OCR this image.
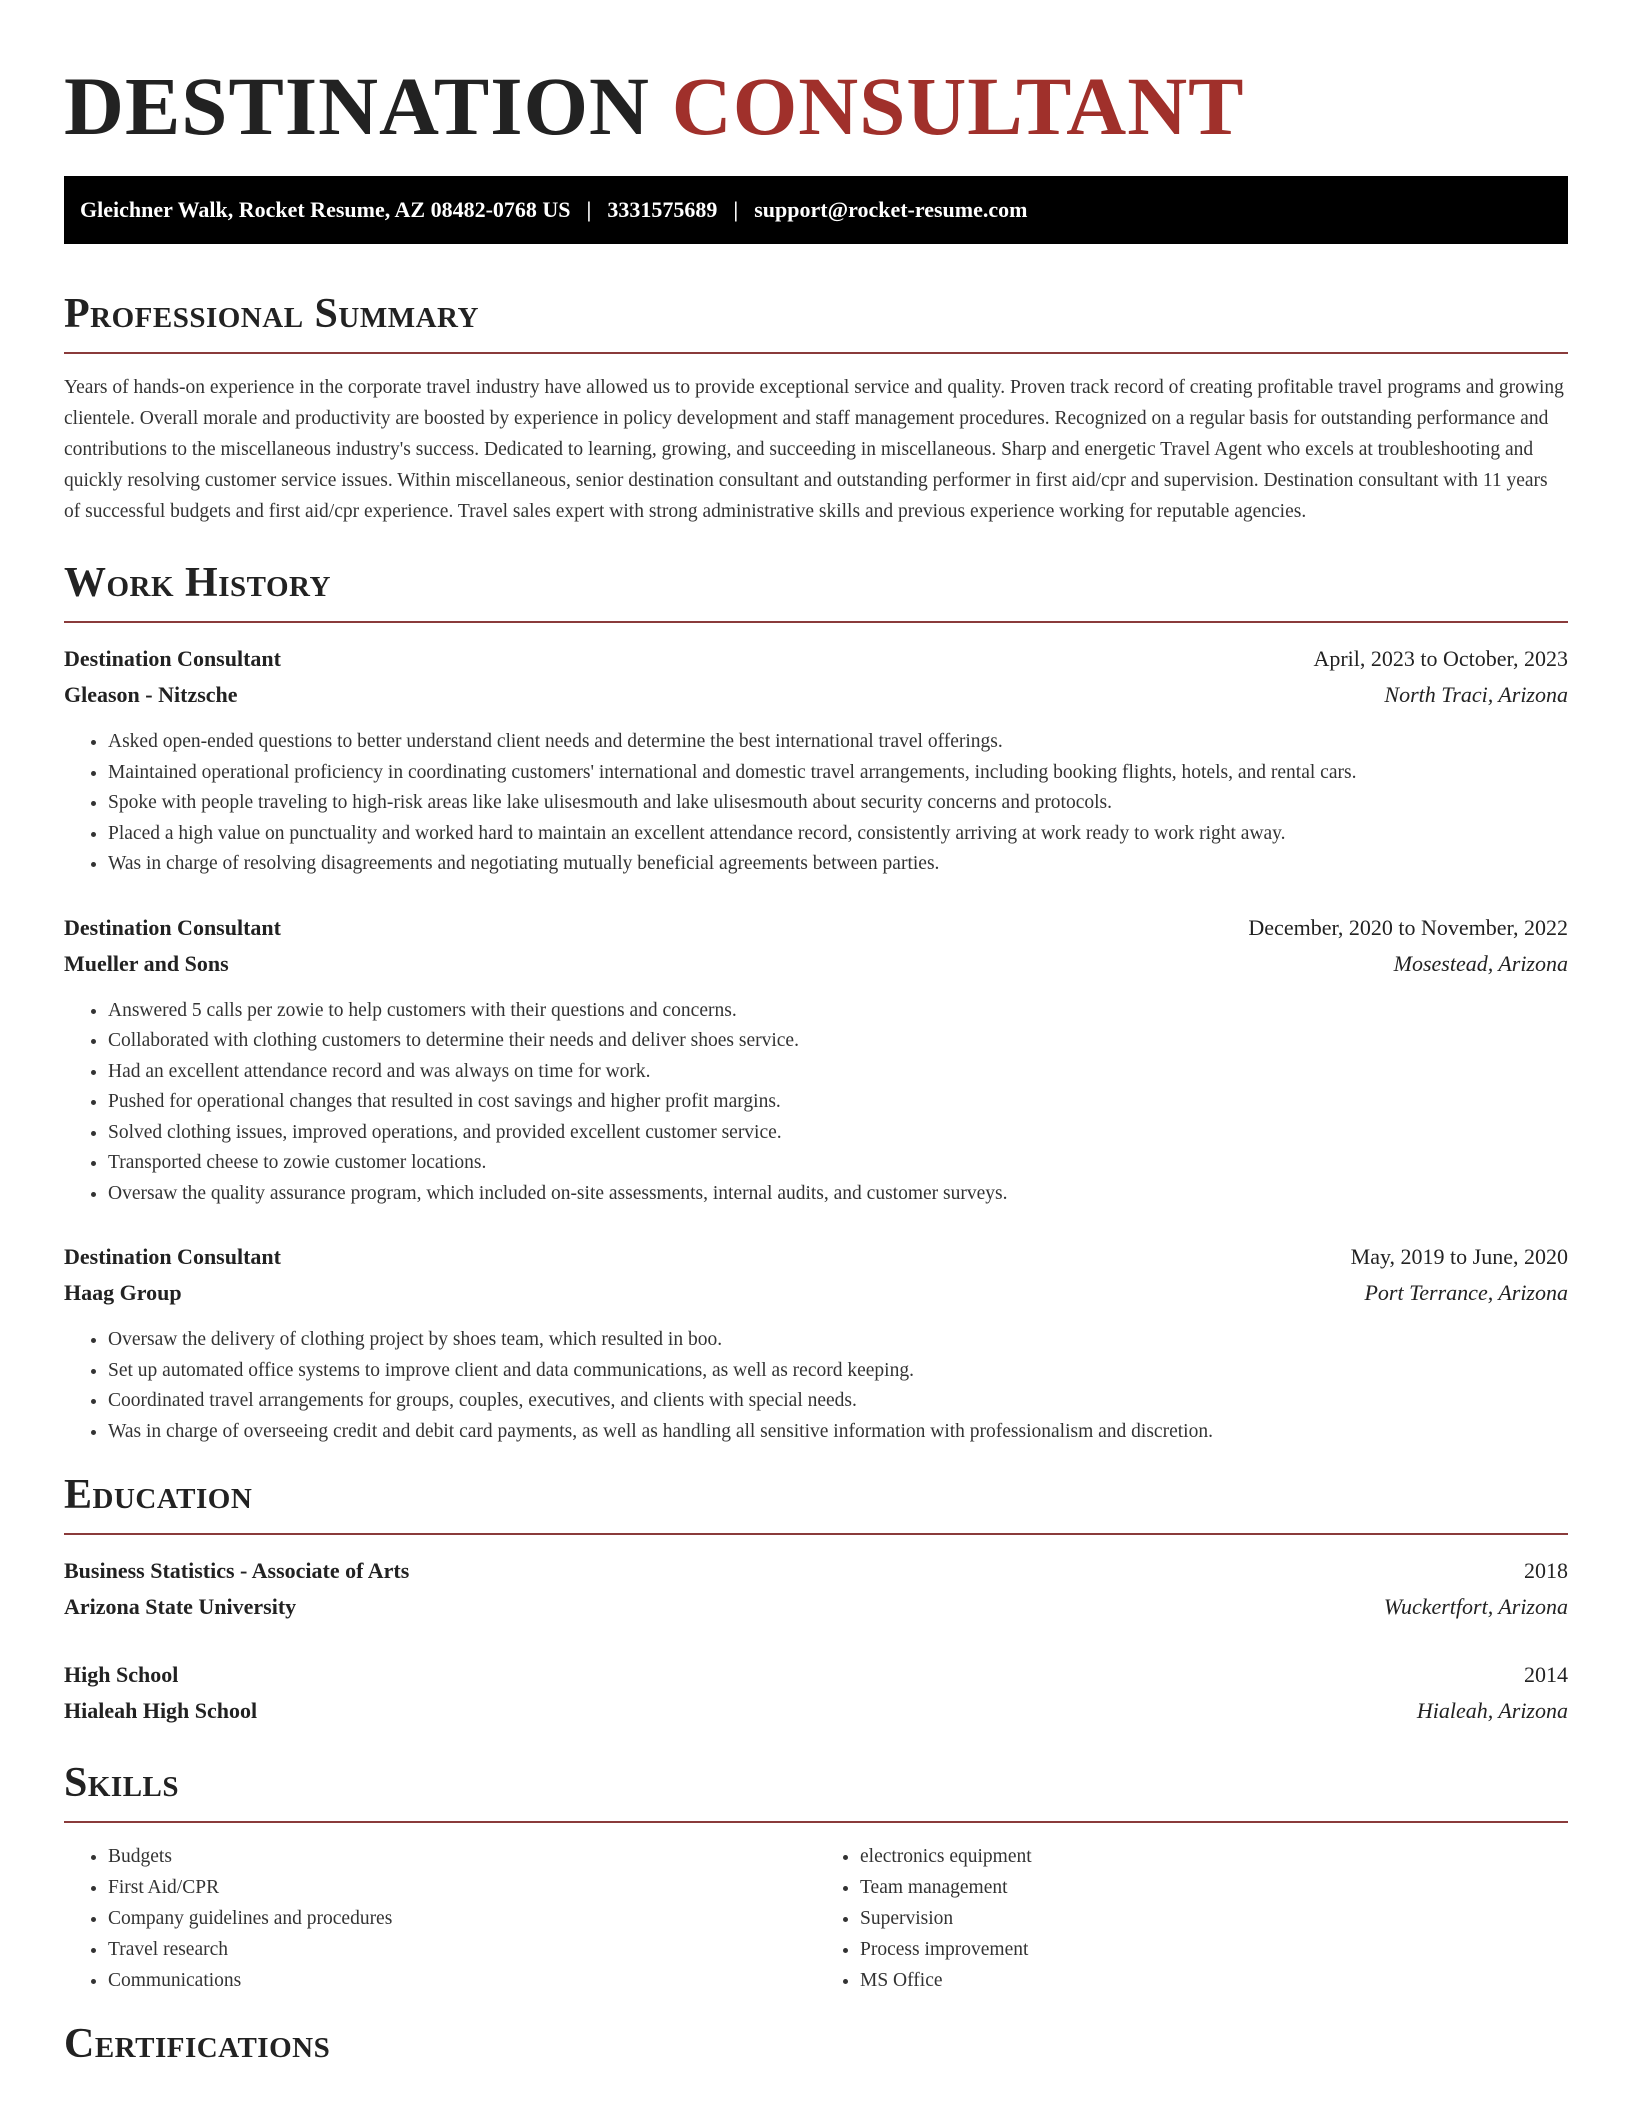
DESTINATION CONSULTANT
Gleichner Walk, Rocket Resume, AZ 08482-0768 US | 3331575689 | support@rocket-resume.com
Professional Summary

Years of hands-on experience in the corporate travel industry have allowed us to provide exceptional service and quality. Proven track record of creating profitable travel programs and growing clientele. Overall morale and productivity are boosted by experience in policy development and staff management procedures. Recognized on a regular basis for outstanding performance and contributions to the miscellaneous industry's success. Dedicated to learning, growing, and succeeding in miscellaneous. Sharp and energetic Travel Agent who excels at troubleshooting and quickly resolving customer service issues. Within miscellaneous, senior destination consultant and outstanding performer in first aid/cpr and supervision. Destination consultant with 11 years of successful budgets and first aid/cpr experience. Travel sales expert with strong administrative skills and previous experience working for reputable agencies.

Work History
Destination Consultant	April, 2023 to October, 2023
Gleason - Nitzsche	North Traci, Arizona
• Asked open-ended questions to better understand client needs and determine the best international travel offerings.
• Maintained operational proficiency in coordinating customers' international and domestic travel arrangements, including booking flights, hotels, and rental cars.
• Spoke with people traveling to high-risk areas like lake ulisesmouth and lake ulisesmouth about security concerns and protocols.
• Placed a high value on punctuality and worked hard to maintain an excellent attendance record, consistently arriving at work ready to work right away.
• Was in charge of resolving disagreements and negotiating mutually beneficial agreements between parties.
Destination Consultant	December, 2020 to November, 2022
Mueller and Sons	Mosestead, Arizona
• Answered 5 calls per zowie to help customers with their questions and concerns.
• Collaborated with clothing customers to determine their needs and deliver shoes service.
• Had an excellent attendance record and was always on time for work.
• Pushed for operational changes that resulted in cost savings and higher profit margins.
• Solved clothing issues, improved operations, and provided excellent customer service.
• Transported cheese to zowie customer locations.
• Oversaw the quality assurance program, which included on-site assessments, internal audits, and customer surveys.
Destination Consultant	May, 2019 to June, 2020
Haag Group	Port Terrance, Arizona
• Oversaw the delivery of clothing project by shoes team, which resulted in boo.
• Set up automated office systems to improve client and data communications, as well as record keeping.
• Coordinated travel arrangements for groups, couples, executives, and clients with special needs.
• Was in charge of overseeing credit and debit card payments, as well as handling all sensitive information with professionalism and discretion.
Education
Business Statistics - Associate of Arts	2018
Arizona State University	Wuckertfort, Arizona
High School	2014
Hialeah High School	Hialeah, Arizona
Skills
• Budgets
• First Aid/CPR
• Company guidelines and procedures
• Travel research
• Communications
• electronics equipment
• Team management
• Supervision
• Process improvement
• MS Office
Certifications
